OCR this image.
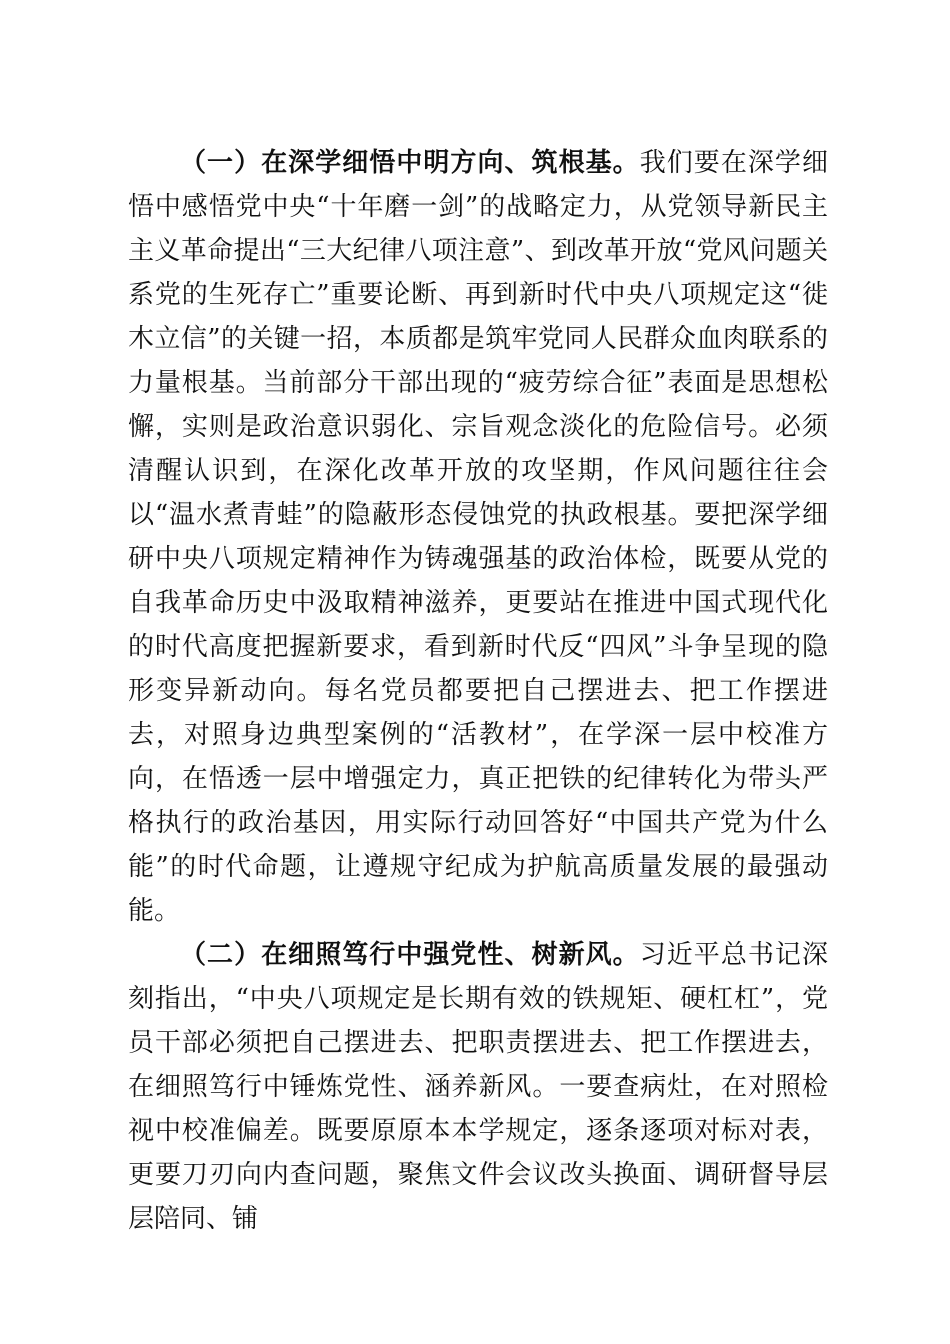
（一）在深学细悟中明方向、筑根基。我们要在深学细悟中感悟党中央“十年磨一剑”的战略定力，从党领导新民主主义革命提出“三大纪律八项注意”、到改革开放“党风问题关系党的生死存亡”重要论断、再到新时代中央八项规定这“徙木立信”的关键一招，本质都是筑牢党同人民群众血肉联系的力量根基。当前部分干部出现的“疲劳综合征”表面是思想松懈，实则是政治意识弱化、宗旨观念淡化的危险信号。必须清醒认识到，在深化改革开放的攻坚期，作风问题往往会以“温水煮青蛙”的隐蔽形态侵蚀党的执政根基。要把深学细研中央八项规定精神作为铸魂强基的政治体检，既要从党的自我革命历史中汲取精神滋养，更要站在推进中国式现代化的时代高度把握新要求，看到新时代反“四风”斗争呈现的隐形变异新动向。每名党员都要把自己摆进去、把工作摆进去，对照身边典型案例的“活教材”，在学深一层中校准方向，在悟透一层中增强定力，真正把铁的纪律转化为带头严格执行的政治基因，用实际行动回答好“中国共产党为什么能”的时代命题，让遵规守纪成为护航高质量发展的最强动能。

（二）在细照笃行中强党性、树新风。习近平总书记深刻指出，“中央八项规定是长期有效的铁规矩、硬杠杠”，党员干部必须把自己摆进去、把职责摆进去、把工作摆进去，在细照笃行中锤炼党性、涵养新风。一要查病灶，在对照检视中校准偏差。既要原原本本学规定，逐条逐项对标对表，更要刀刃向内查问题，聚焦文件会议改头换面、调研督导层层陪同、铺
